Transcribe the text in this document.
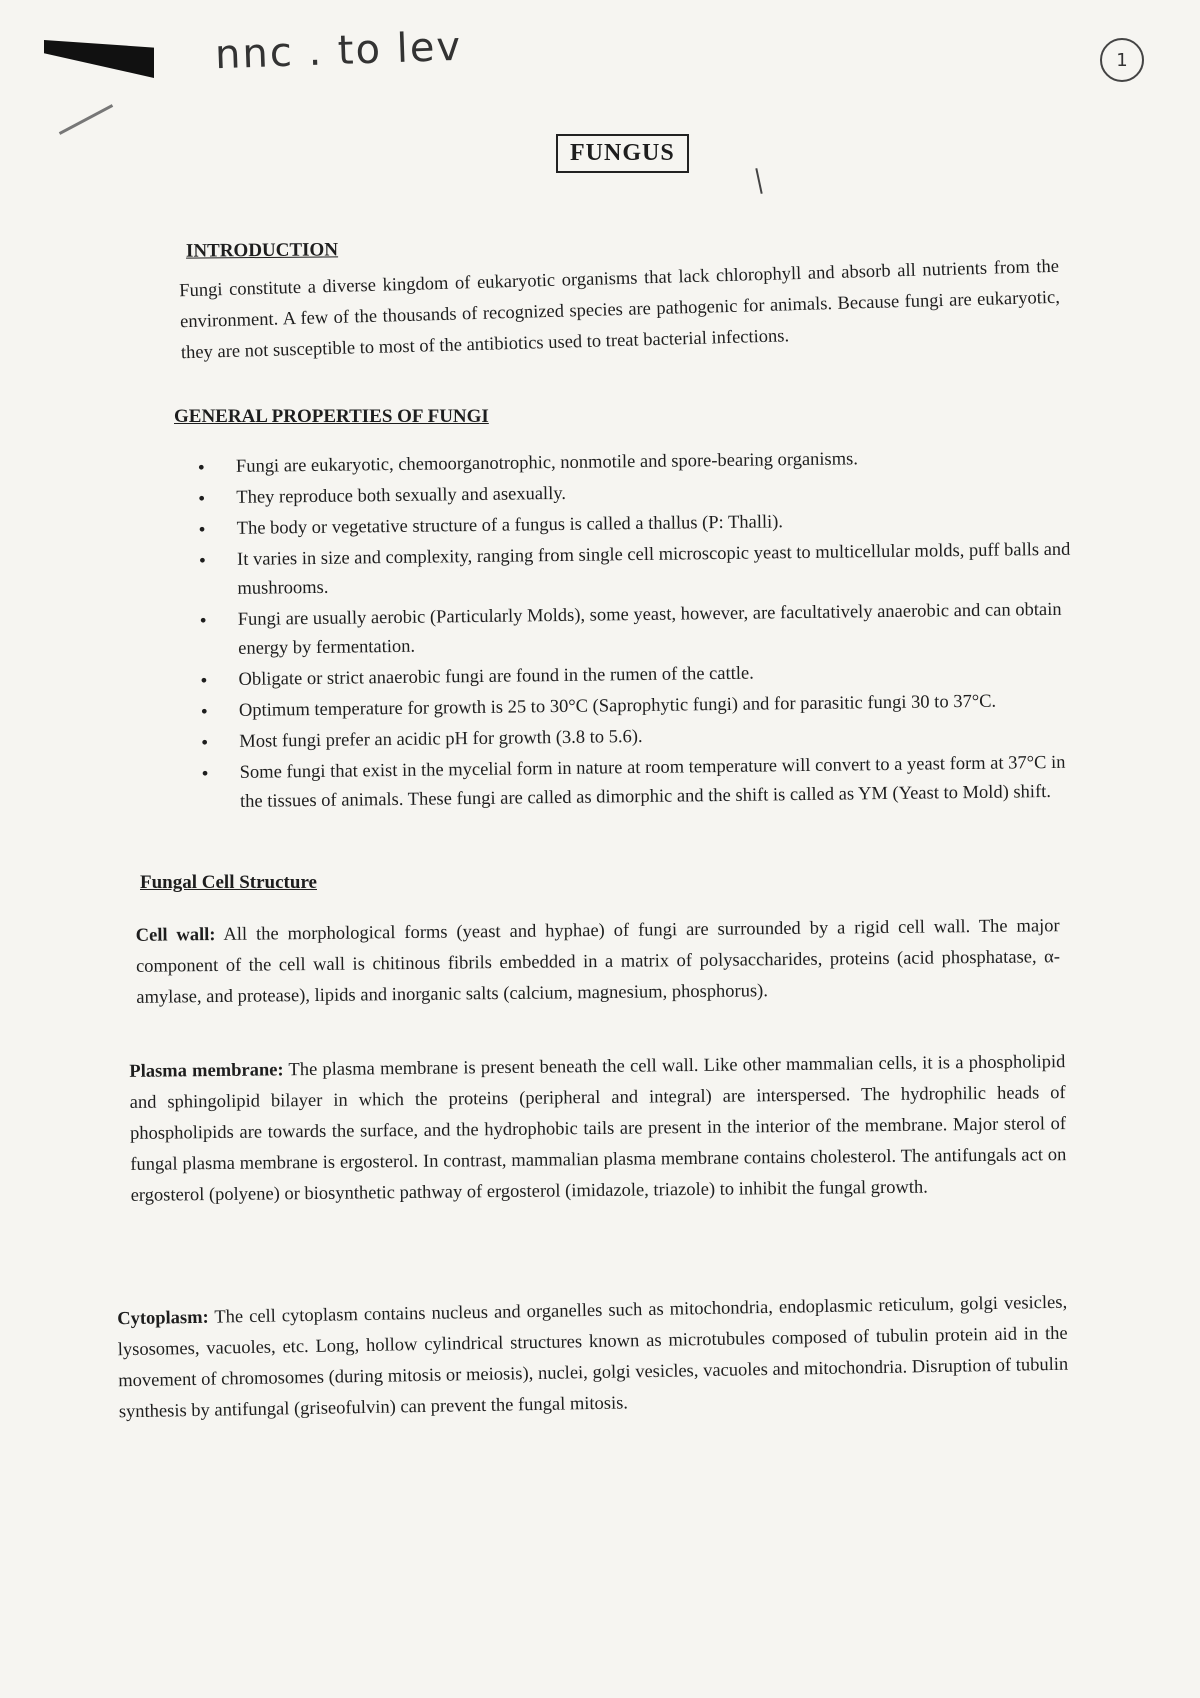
nnc . to lev	1
FUNGUS
INTRODUCTION

Fungi constitute a diverse kingdom of eukaryotic organisms that lack chlorophyll and absorb all nutrients from the environment. A few of the thousands of recognized species are pathogenic for animals. Because fungi are eukaryotic, they are not susceptible to most of the antibiotics used to treat bacterial infections.

GENERAL PROPERTIES OF FUNGI
● Fungi are eukaryotic, chemoorganotrophic, nonmotile and spore-bearing organisms.
● They reproduce both sexually and asexually.
● The body or vegetative structure of a fungus is called a thallus (P: Thalli).
● It varies in size and complexity, ranging from single cell microscopic yeast to multicellular molds, puff balls and mushrooms.
● Fungi are usually aerobic (Particularly Molds), some yeast, however, are facultatively anaerobic and can obtain energy by fermentation.
● Obligate or strict anaerobic fungi are found in the rumen of the cattle.
● Optimum temperature for growth is 25 to 30°C (Saprophytic fungi) and for parasitic fungi 30 to 37°C.
● Most fungi prefer an acidic pH for growth (3.8 to 5.6).
● Some fungi that exist in the mycelial form in nature at room temperature will convert to a yeast form at 37°C in the tissues of animals. These fungi are called as dimorphic and the shift is called as YM (Yeast to Mold) shift.
Fungal Cell Structure

Cell wall: All the morphological forms (yeast and hyphae) of fungi are surrounded by a rigid cell wall. The major component of the cell wall is chitinous fibrils embedded in a matrix of polysaccharides, proteins (acid phosphatase, α-amylase, and protease), lipids and inorganic salts (calcium, magnesium, phosphorus).

Plasma membrane: The plasma membrane is present beneath the cell wall. Like other mammalian cells, it is a phospholipid and sphingolipid bilayer in which the proteins (peripheral and integral) are interspersed. The hydrophilic heads of phospholipids are towards the surface, and the hydrophobic tails are present in the interior of the membrane. Major sterol of fungal plasma membrane is ergosterol. In contrast, mammalian plasma membrane contains cholesterol. The antifungals act on ergosterol (polyene) or biosynthetic pathway of ergosterol (imidazole, triazole) to inhibit the fungal growth.

Cytoplasm: The cell cytoplasm contains nucleus and organelles such as mitochondria, endoplasmic reticulum, golgi vesicles, lysosomes, vacuoles, etc. Long, hollow cylindrical structures known as microtubules composed of tubulin protein aid in the movement of chromosomes (during mitosis or meiosis), nuclei, golgi vesicles, vacuoles and mitochondria. Disruption of tubulin synthesis by antifungal (griseofulvin) can prevent the fungal mitosis.
